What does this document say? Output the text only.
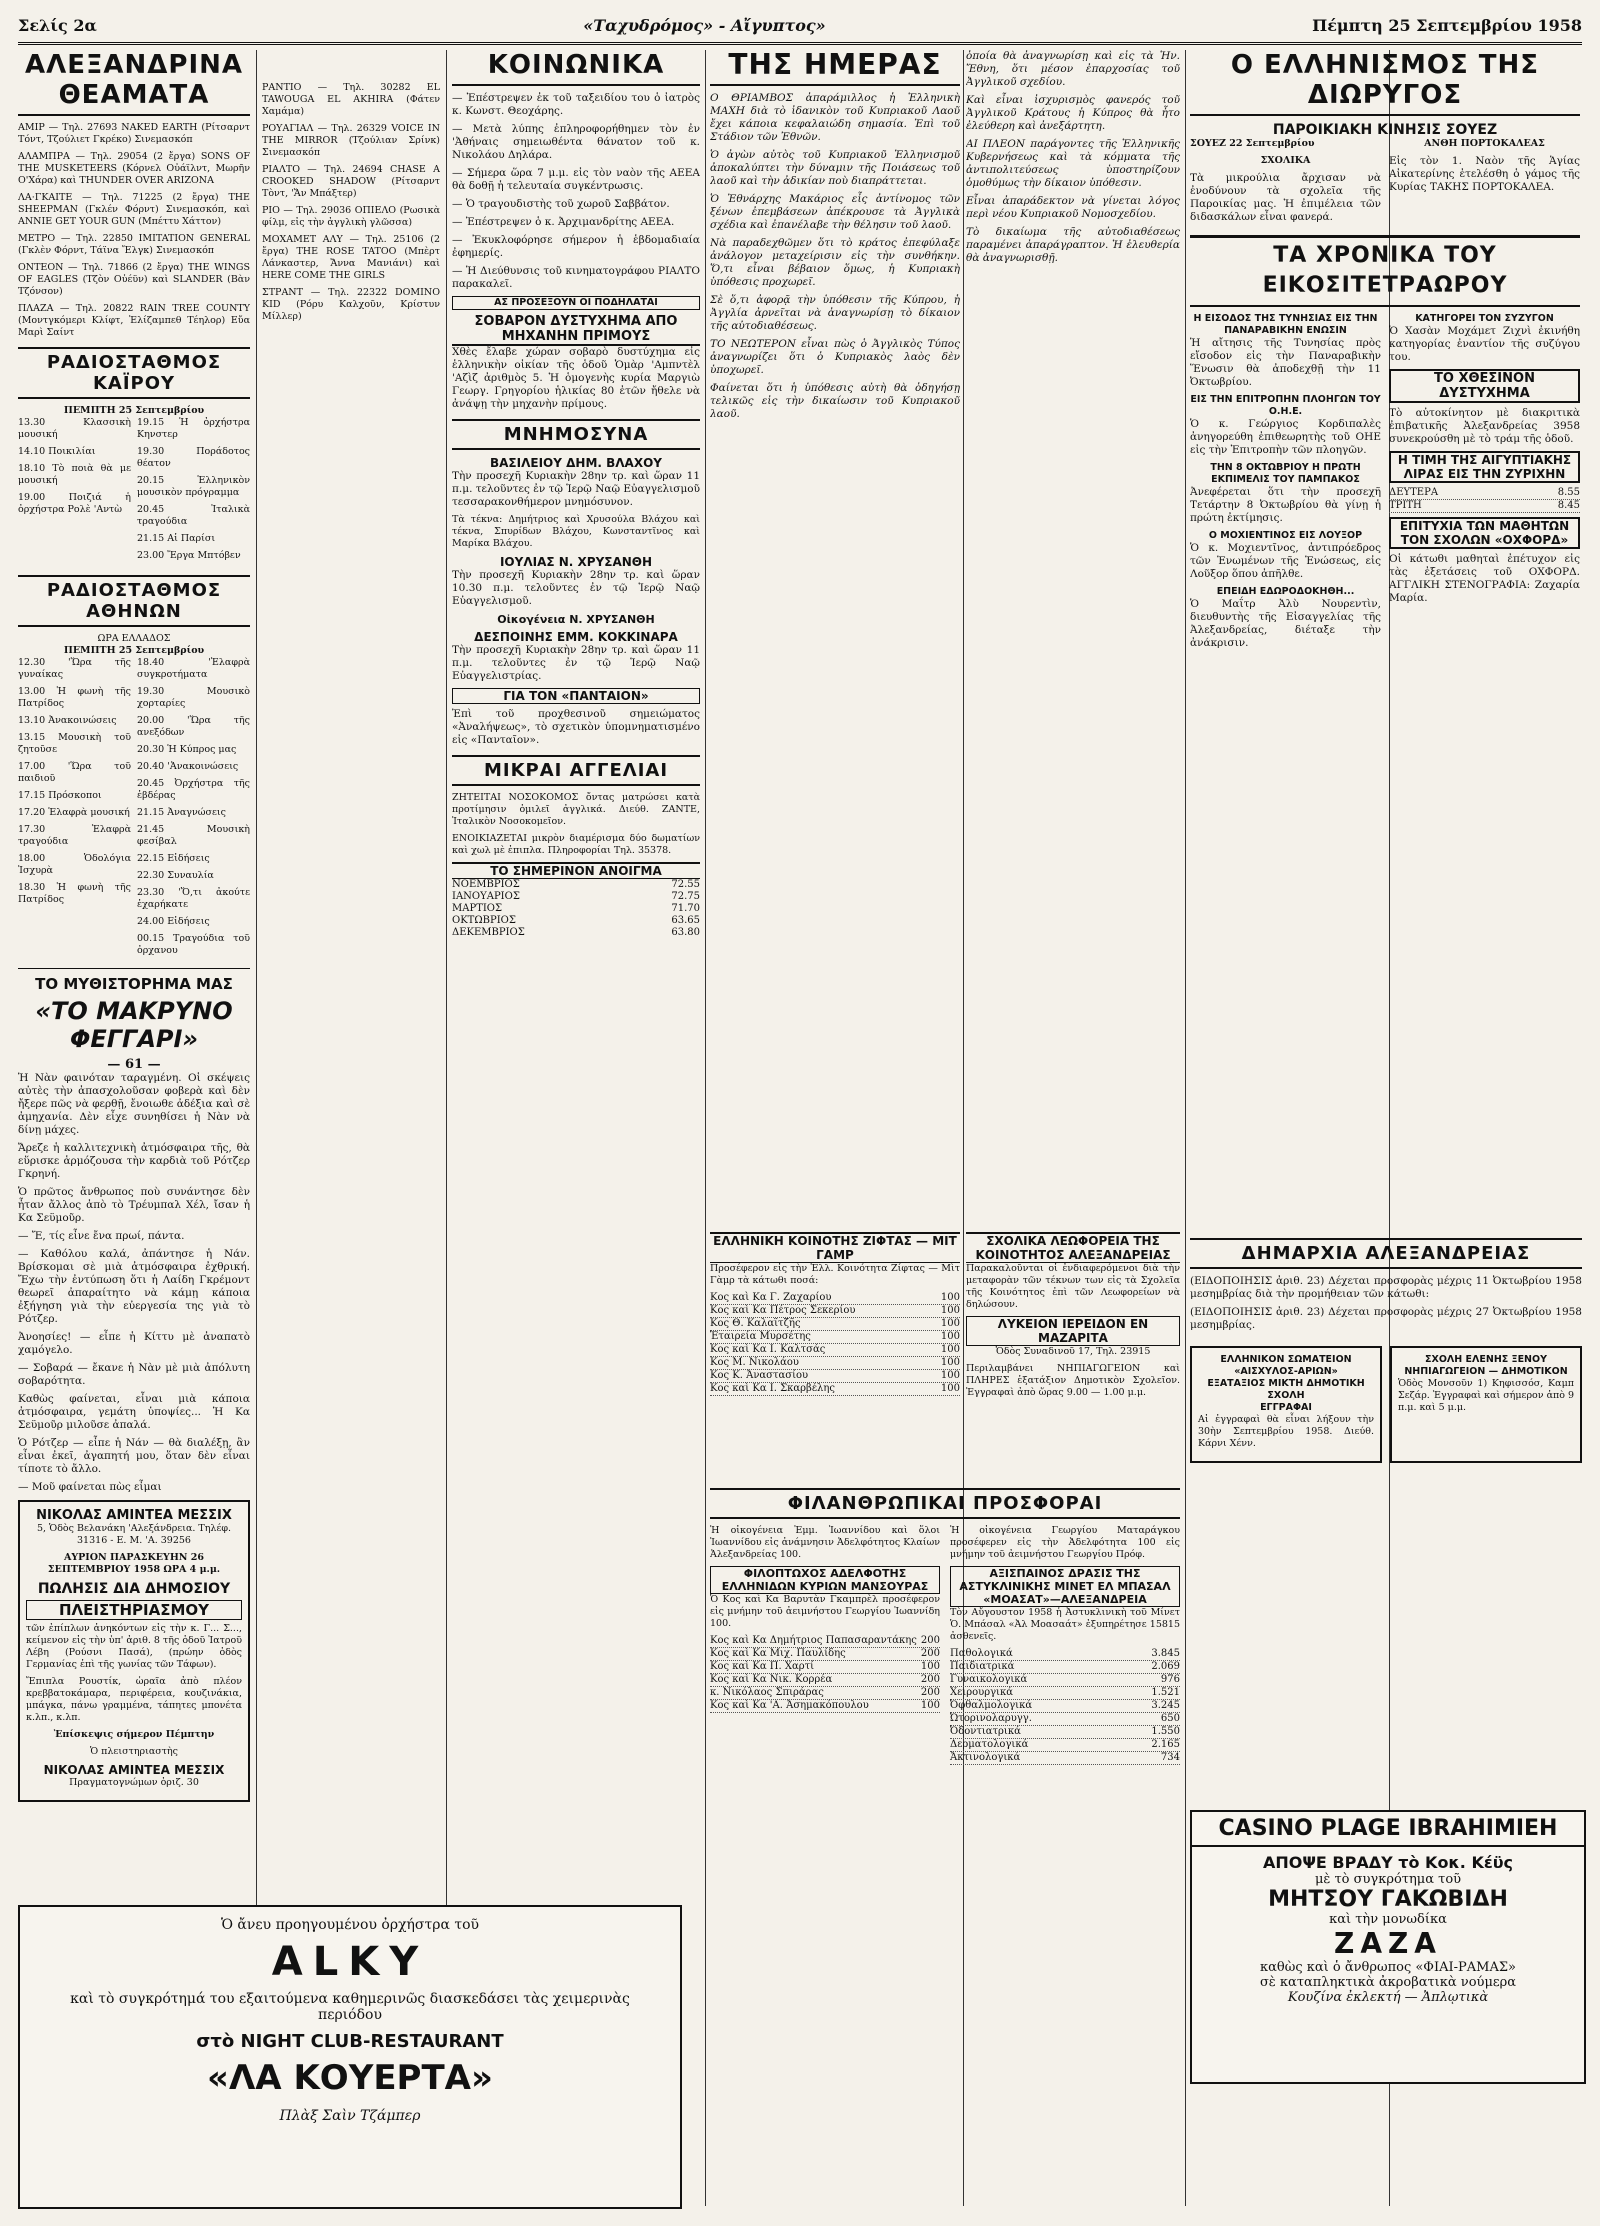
Σελίς 2α	«Ταχυδρόμος» - Αἴγυπτος»	Πέμπτη 25 Σεπτεμβρίου 1958
ΑΛΕΞΑΝΔΡΙΝΑ ΘΕΑΜΑΤΑ

ΑΜΙΡ — Τηλ. 27693 NAKED EARTH (Ρίτσαρντ Τόντ, Τζούλιετ Γκρέκο) Σινεμασκόπ

ΑΛΑΜΠΡΑ — Τηλ. 29054 (2 ἔργα) SONS OF THE MUSKETEERS (Κόρνελ Οὐάϊλντ, Μωρῆν Ο'Χάρα) καὶ THUNDER OVER ARIZONA

ΛΑ·ΓΚΑΙΤΕ — Τηλ. 71225 (2 ἔργα) THE SHEEPMAN (Γκλέν Φόρντ) Σινεμασκόπ, καὶ ANNIE GET YOUR GUN (Μπέττυ Χάττον)

ΜΕΤΡΟ — Τηλ. 22850 IMITATION GENERAL (Γκλὲν Φόρντ, Τάϊνα Ἔλγκ) Σινεμασκόπ

ΟΝΤΕΟΝ — Τηλ. 71866 (2 ἔργα) THE WINGS OF EAGLES (Τζὸν Οὐέϋν) καὶ SLANDER (Βὰν Τζόνσον)

ΠΛΑΖΑ — Τηλ. 20822 RAIN TREE COUNTY (Μοντγκόμερι Κλίφτ, Ἐλίζαμπεθ Τέηλορ) Εὔα Μαρὶ Σαίντ

ΡΑΔΙΟΣΤΑΘΜΟΣ ΚΑΪΡΟΥ
ΠΕΜΠΤΗ 25 Σεπτεμβρίου

13.30 Κλασσικὴ μουσική

14.10 Ποικιλίαι

18.10 Τὸ ποιὰ θὰ με μουσική

19.00 Ποιζιά ἡ ὀρχήστρα Ρολὲ 'Αντὼ

19.15 Ἡ ὀρχήστρα Κηνστερ

19.30 Ποράδοτος θέατον

20.15 Ἑλληνικὸν μουσικὸν πρόγραμμα

20.45 Ἰταλικὰ τραγούδια

21.15 Αἱ Παρίσι

23.00 Ἔργα Μπτόβεν

ΡΑΔΙΟΣΤΑΘΜΟΣ ΑΘΗΝΩΝ
ΩΡΑ ΕΛΛΑΔΟΣ
ΠΕΜΠΤΗ 25 Σεπτεμβρίου

12.30 'Ὥρα τῆς γυναίκας

13.00 Ἡ φωνὴ τῆς Πατρίδος

13.10 Ἀνακοινώσεις

13.15 Μουσικὴ τοῦ ζητοῦσε

17.00 'Ὥρα τοῦ παιδιοῦ

17.15 Πρόσκοποι

17.20 Ἑλαφρὰ μουσική

17.30 Ἑλαφρὰ τραγούδια

18.00 Ὁδολόγια Ἰσχυρὰ

18.30 Ἡ φωνὴ τῆς Πατρίδος

18.40 'Ἑλαφρὰ συγκροτήματα

19.30 Μουσικὸ χορταρίες

20.00 'Ὥρα τῆς ανεξόδων

20.30 Ἡ Κύπρος μας

20.40 'Ἀνακοινώσεις

20.45 Ὀρχήστρα τῆς ἐβδέρας

21.15 Ἀναγνώσεις

21.45 Μουσικὴ φεσίβαλ

22.15 Εἰδήσεις

22.30 Συναυλία

23.30 'Ὅ,τι ἀκούτε ἐχαρήκατε

24.00 Εἰδήσεις

00.15 Τραγούδια τοῦ ὀρχανου

ΤΟ ΜΥΘΙΣΤΟΡΗΜΑ ΜΑΣ
«ΤΟ ΜΑΚΡΥΝΟ ΦΕΓΓΑΡΙ»
— 61 —

Ἡ Νὰν φαινόταν ταραγμένη. Οἱ σκέψεις αὐτὲς τὴν ἀπασχολοῦσαν φοβερὰ καὶ δὲν ἤξερε πῶς νὰ φερθῇ, ἔνοιωθε ἀδέξια καὶ σὲ ἀμηχανία. Δὲν εἶχε συνηθίσει ἡ Νὰν νὰ δίνῃ μάχες.

Ἄρεζε ἡ καλλιτεχνικὴ ἀτμόσφαιρα τῆς, θὰ εὕρισκε ἁρμόζουσα τὴν καρδιὰ τοῦ Ρότζερ Γκρηνή.

Ὁ πρῶτος ἄνθρωπος ποὺ συνάντησε δὲν ἦταν ἄλλος ἀπὸ τὸ Τρέυμπαλ Χέλ, ἴσαν ἡ Κα Σεϋμοῦρ.

— Ἔ, τίς εἶνε ἔνα πρωί, πάντα.

— Καθόλου καλά, ἀπάντησε ἡ Νάν. Βρίσκομαι σὲ μιὰ ἀτμόσφαιρα ἐχθρική. Ἔχω τὴν ἐντύπωση ὅτι ἡ Λαίδη Γκρέμοντ θεωρεῖ ἀπαραίτητο νὰ κάμῃ κάποια ἐξήγηση γιὰ τὴν εὐεργεσία της γιὰ τὸ Ρότζερ.

Ἀνοησίες! — εἶπε ἡ Κίττυ μὲ ἀναπατὸ χαμόγελο.

— Σοβαρά — ἔκανε ἡ Νὰν μὲ μιὰ ἀπόλυτη σοβαρότητα.

Καθὼς φαίνεται, εἶναι μιὰ κάποια ἀτμόσφαιρα, γεμάτη ὑποψίες... Ἡ Κα Σεϋμοῦρ μιλοῦσε ἀπαλά.

Ὁ Ρότζερ — εἶπε ἡ Νάν — θὰ διαλέξῃ, ἂν εἶναι ἐκεῖ, ἀγαπητή μου, ὅταν δὲν εἶναι τίποτε τὸ ἄλλο.

— Μοῦ φαίνεται πὼς εἶμαι

ΝΙΚΟΛΑΣ ΑΜΙΝΤΕΑ ΜΕΣΣΙΧ

5, Ὁδὸς Βελανάκη 'Αλεξάνδρεια. Τηλέφ. 31316 - Ε. Μ. 'Α. 39256

ΑΥΡΙΟΝ ΠΑΡΑΣΚΕΥΗΝ 26 ΣΕΠΤΕΜΒΡΙΟΥ 1958 ΩΡΑ 4 μ.μ.

ΠΩΛΗΣΙΣ ΔΙΑ ΔΗΜΟΣΙΟΥ
ΠΛΕΙΣΤΗΡΙΑΣΜΟΥ

τῶν ἐπίπλων ἀνηκόντων εἰς τὴν κ. Γ... Σ..., κείμενον εἰς τὴν ὑπ' ἀριθ. 8 τῆς ὁδοῦ Ἰατροῦ Λέβη (Ρούσνι Πασά), (πρώην ὁδὸς Γερμανίας ἐπὶ τῆς γωνίας τῶν Τάφων).

Ἔπιπλα Ρουστίκ, ὡραῖα ἀπὸ πλέον κρεββατοκάμαρα, περιφέρεια, κουζινάκια, μπάγκα, πάνω γραμμένα, τάπητες μπονέτα κ.λπ., κ.λπ.

Ἐπίσκεψις σήμερον Πέμπτην

Ὁ πλειστηριαστὴς

ΝΙΚΟΛΑΣ ΑΜΙΝΤΕΑ ΜΕΣΣΙΧ

Πραγματογνώμων ὁριζ. 30

ΡΑΝΤΙΟ — Τηλ. 30282 EL TAWOUGA EL AKHIRA (Φάτεν Χαμάμα)

ΡΟΥΑΓΙΑΛ — Τηλ. 26329 VOICE IN THE MIRROR (Τζούλιαν Σρίνκ) Σινεμασκόπ

ΡΙΑΛΤΟ — Τηλ. 24694 CHASE A CROOKED SHADOW (Ρίτσαρντ Τὸντ, 'Ἄν Μπάξτερ)

ΡΙΟ — Τηλ. 29036 ΟΠΙΕΛΟ (Ρωσικὰ φίλμ, εἰς τὴν ἀγγλικὴ γλῶσσα)

ΜΟΧΑΜΕΤ ΑΛΥ — Τηλ. 25106 (2 ἔργα) THE ROSE TATOO (Μπὲρτ Λάνκαστερ, Ἄννα Μανιάνι) καὶ HERE COME THE GIRLS

ΣΤΡΑΝΤ — Τηλ. 22322 DOMINO KID (Ρόρυ Καλχοῦν, Κρίστυν Μίλλερ)

ΚΟΙΝΩΝΙΚΑ

— Ἐπέστρεψεν ἐκ τοῦ ταξειδίου του ὁ ἰατρὸς κ. Κωνστ. Θεοχάρης.

— Μετὰ λύπης ἐπληροφορήθημεν τὸν ἐν 'Ἀθήναις σημειωθέντα θάνατον τοῦ κ. Νικολάου Δηλάρα.

— Σήμερα ὥρα 7 μ.μ. εἰς τὸν ναὸν τῆς ΑΕΕΑ θὰ δοθῇ ἡ τελευταία συγκέντρωσις.

— Ὁ τραγουδιστὴς τοῦ χωροῦ Σαββάτον.

— Ἐπέστρεψεν ὁ κ. Ἀρχιμανδρίτης ΑΕΕΑ.

— Ἐκυκλοφόρησε σήμερον ἡ ἑβδομαδιαία ἐφημερίς.

— Ἡ Διεύθυνσις τοῦ κινηματογράφου ΡΙΑΛΤΟ παρακαλεῖ.

ΑΣ ΠΡΟΣΕΞΟΥΝ ΟΙ ΠΟΔΗΛΑΤΑΙ
ΣΟΒΑΡΟΝ ΔΥΣΤΥΧΗΜΑ ΑΠΟ ΜΗΧΑΝΗΝ ΠΡΙΜΟΥΣ

Χθὲς ἔλαβε χώραν σοβαρὸ δυστύχημα εἰς ἑλληνικὴν οἰκίαν τῆς ὁδοῦ Ὁμὰρ 'Αμπντὲλ 'Αζὶζ ἀριθμὸς 5. Ἡ ὁμογενὴς κυρία Μαργιὼ Γεωργ. Γρηγορίου ἡλικίας 80 ἐτῶν ἤθελε νὰ ἀνάψῃ τὴν μηχανὴν πρίμους.

ΜΝΗΜΟΣΥΝΑ
ΒΑΣΙΛΕΙΟΥ ΔΗΜ. ΒΛΑΧΟΥ

Τὴν προσεχῆ Κυριακὴν 28ην τρ. καὶ ὥραν 11 π.μ. τελοῦντες ἐν τῷ Ἱερῷ Ναῷ Εὐαγγελισμοῦ τεσσαρακονθήμερον μνημόσυνον.

Τὰ τέκνα: Δημήτριος καὶ Χρυσούλα Βλάχου καὶ τέκνα, Σπυρίδων Βλάχου, Κωνσταντῖνος καὶ Μαρίκα Βλάχου.

ΙΟΥΛΙΑΣ Ν. ΧΡΥΣΑΝΘΗ

Τὴν προσεχῆ Κυριακὴν 28ην τρ. καὶ ὥραν 10.30 π.μ. τελοῦντες ἐν τῷ Ἱερῷ Ναῷ Εὐαγγελισμοῦ.

Οἰκογένεια Ν. ΧΡΥΣΑΝΘΗ
ΔΕΣΠΟΙΝΗΣ ΕΜΜ. ΚΟΚΚΙΝΑΡΑ

Τὴν προσεχῆ Κυριακὴν 28ην τρ. καὶ ὥραν 11 π.μ. τελοῦντες ἐν τῷ Ἱερῷ Ναῷ Εὐαγγελιστρίας.

ΓΙΑ ΤΟΝ «ΠΑΝΤΑΙΟΝ»

Ἐπὶ τοῦ προχθεσινοῦ σημειώματος «Ἀναλήψεως», τὸ σχετικὸν ὑπομνηματισμένο εἰς «Πανταῖον».

ΜΙΚΡΑΙ ΑΓΓΕΛΙΑΙ

ΖΗΤΕΙΤΑΙ ΝΟΣΟΚΟΜΟΣ ὄντας ματρώσει κατὰ προτίμησιν ὁμιλεῖ ἀγγλικά. Διεύθ. ΖΑΝΤΕ, Ἰταλικὸν Νοσοκομεῖον.

ΕΝΟΙΚΙΑΖΕΤΑΙ μικρὸν διαμέρισμα δύο δωματίων καὶ χωλ μὲ ἐπιπλα. Πληροφορίαι Τηλ. 35378.

ΤΟ ΣΗΜΕΡΙΝΟΝ ΑΝΟΙΓΜΑ
ΝΟΕΜΒΡΙΟΣ	72.55
ΙΑΝΟΥΑΡΙΟΣ	72.75
ΜΑΡΤΙΟΣ	71.70
ΟΚΤΩΒΡΙΟΣ	63.65
ΔΕΚΕΜΒΡΙΟΣ	63.80
ΤΗΣ ΗΜΕΡΑΣ

Ο ΘΡΙΑΜΒΟΣ ἀπαράμιλλος ἡ Ἑλληνικὴ ΜΑΧΗ διὰ τὸ ἰδανικὸν τοῦ Κυπριακοῦ Λαοῦ ἔχει κάποια κεφαλαιώδη σημασία. Ἐπὶ τοῦ Στάδιον τῶν Ἐθνῶν.

Ὁ ἀγὼν αὐτὸς τοῦ Κυπριακοῦ Ἑλληνισμοῦ ἀποκαλύπτει τὴν δύναμιν τῆς Ποιάσεως τοῦ λαοῦ καὶ τὴν ἀδικίαν ποὺ διαπράττεται.

Ὁ Ἐθνάρχης Μακάριος εἶς ἀντίνομος τῶν ξένων ἐπεμβάσεων ἀπέκρουσε τὰ Ἀγγλικὰ σχέδια καὶ ἐπανέλαβε τὴν θέλησιν τοῦ λαοῦ.

Νὰ παραδεχθῶμεν ὅτι τὸ κράτος ἐπεφύλαξε ἀνάλογον μεταχείρισιν εἰς τὴν συνθήκην. Ὅ,τι εἶναι βέβαιον ὅμως, ἡ Κυπριακὴ ὑπόθεσις προχωρεῖ.

Σὲ ὅ,τι ἀφορᾷ τὴν ὑπόθεσιν τῆς Κύπρου, ἡ Ἀγγλία ἀρνεῖται νὰ ἀναγνωρίσῃ τὸ δίκαιον τῆς αὐτοδιαθέσεως.

ΤΟ ΝΕΩΤΕΡΟΝ εἶναι πὼς ὁ Ἀγγλικὸς Τύπος ἀναγνωρίζει ὅτι ὁ Κυπριακὸς λαὸς δὲν ὑποχωρεῖ.

Φαίνεται ὅτι ἡ ὑπόθεσις αὐτὴ θὰ ὁδηγήσῃ τελικῶς εἰς τὴν δικαίωσιν τοῦ Κυπριακοῦ λαοῦ.

ὁποία θὰ ἀναγνωρίσῃ καὶ εἰς τὰ Ἡν. Ἔθνη, ὅτι μέσον ἐπαρχοσίας τοῦ Ἀγγλικοῦ σχεδίου.

Καὶ εἶναι ἰσχυρισμὸς φανερός τοῦ Ἀγγλικοῦ Κράτους ἡ Κύπρος θὰ ἦτο ἐλεύθερη καὶ ἀνεξάρτητη.

ΑΙ ΠΛΕΟΝ παράγοντες τῆς Ἑλληνικῆς Κυβερνήσεως καὶ τὰ κόμματα τῆς ἀντιπολιτεύσεως ὑποστηρίζουν ὁμοθύμως τὴν δίκαιον ὑπόθεσιν.

Εἶναι ἀπαράδεκτον νὰ γίνεται λόγος περὶ νέου Κυπριακοῦ Νομοσχεδίου.

Τὸ δικαίωμα τῆς αὐτοδιαθέσεως παραμένει ἀπαράγραπτον. Ἡ ἐλευθερία θὰ ἀναγνωρισθῇ.

ΕΛΛΗΝΙΚΗ ΚΟΙΝΟΤΗΣ ΖΙΦΤΑΣ — ΜΙΤ ΓΑΜΡ

Προσέφερον εἰς τὴν Ἑλλ. Κοινότητα Ζίφτας — Μὶτ Γὰμρ τὰ κάτωθι ποσά:

Κος καὶ Κα Γ. Ζαχαρίου	100
Κος καὶ Κα Πέτρος Σεκερίου	100
Κος Θ. Καλαϊτζῆς	100
Ἑταιρεία Μυρσέτης	100
Κος καὶ Κα Ι. Καλτσάς	100
Κος Μ. Νικολάου	100
Κος Κ. Ἀναστασίου	100
Κος καὶ Κα Ι. Σκαρβέλης	100
ΣΧΟΛΙΚΑ ΛΕΩΦΟΡΕΙΑ ΤΗΣ ΚΟΙΝΟΤΗΤΟΣ ΑΛΕΞΑΝΔΡΕΙΑΣ

Παρακαλοῦνται οἱ ἐνδιαφερόμενοι διὰ τὴν μεταφορὰν τῶν τέκνων των εἰς τὰ Σχολεῖα τῆς Κοινότητος ἐπὶ τῶν Λεωφορείων νὰ δηλώσουν.

ΛΥΚΕΙΟΝ ΙΕΡΕΙΔΟΝ ΕΝ ΜΑΖΑΡΙΤΑ

Ὁδὸς Συναδινοῦ 17, Τηλ. 23915

Περιλαμβάνει ΝΗΠΙΑΓΩΓΕΙΟΝ καὶ ΠΛΗΡΕΣ ἑξατάξιον Δημοτικὸν Σχολεῖον. Ἐγγραφαὶ ἀπὸ ὥρας 9.00 — 1.00 μ.μ.

ΦΙΛΑΝΘΡΩΠΙΚΑΙ ΠΡΟΣΦΟΡΑΙ

Ἡ οἰκογένεια Ἐμμ. Ἰωαννίδου καὶ ὅλοι Ἰωαννίδου εἰς ἀνάμνησιν Ἀδελφότητος Κλαίων Ἀλεξανδρείας 100.

Ἡ οἰκογένεια Γεωργίου Ματαράγκου προσέφερεν εἰς τὴν Ἀδελφότητα 100 εἰς μνήμην τοῦ ἀειμνήστου Γεωργίου Πρόφ.

ΦΙΛΟΠΤΩΧΟΣ ΑΔΕΛΦΟΤΗΣ ΕΛΛΗΝΙΔΩΝ ΚΥΡΙΩΝ ΜΑΝΣΟΥΡΑΣ

Ὁ Κος καὶ Κα Βαρυτὰν Γκαμπρὲλ προσέφερον εἰς μνήμην τοῦ ἀειμνήστου Γεωργίου Ἰωαννίδη 100.

Κος καὶ Κα Δημήτριος Παπασαραντάκης 200
Κος καὶ Κα Μιχ. Παυλίδης	200
Κος καὶ Κα Π. Χαρτί	100
Κος καὶ Κα Νικ. Κορρέα	200
κ. Νικόλαος Σπιράρας	200
Κος καὶ Κα 'Α. Ἀσημακόπουλου	100
ΑΞΙΣΠΑΙΝΟΣ ΔΡΑΣΙΣ ΤΗΣ ΑΣΤΥΚΛΙΝΙΚΗΣ ΜΙΝΕΤ ΕΛ ΜΠΑΣΑΛ «ΜΟΑΣΑΤ»—ΑΛΕΞΑΝΔΡΕΙΑ

Τὸν Αὔγουστον 1958 ἡ Ἀστυκλινικὴ τοῦ Μίνετ Ὁ. Μπάσαλ «Ἀλ Μοασαάτ» ἐξυπηρέτησε 15815 ἀσθενεῖς.

Παθολογικά	3.845
Παιδιατρικά	2.069
Γυναικολογικά	976
Χειρουργικά	1.521
Ὀφθαλμολογικά	3.245
Ὠτορινολαρυγγ.	650
Ὀδοντιατρικά	1.550
Δερματολογικά	2.165
Ἀκτινολογικά	734
Ο ΕΛΛΗΝΙΣΜΟΣ ΤΗΣ ΔΙΩΡΥΓΟΣ
ΠΑΡΟΙΚΙΑΚΗ ΚΙΝΗΣΙΣ ΣΟΥΕΖ

ΣΟΥΕΖ 22 Σεπτεμβρίου

ΣΧΟΛΙΚΑ

Τὰ μικρούλια ἄρχισαν νὰ ἐνοδύνουν τὰ σχολεῖα τῆς Παροικίας μας. Ἡ ἐπιμέλεια τῶν διδασκάλων εἶναι φανερά.

ΑΝΘΗ ΠΟΡΤΟΚΑΛΕΑΣ

Εἰς τὸν 1. Ναὸν τῆς Ἁγίας Αἰκατερίνης ἐτελέσθη ὁ γάμος τῆς Κυρίας ΤΑΚΗΣ ΠΟΡΤΟΚΑΛΕΑ.

ΤΑ ΧΡΟΝΙΚΑ ΤΟΥ ΕΙΚΟΣΙΤΕΤΡΑΩΡΟΥ
Η ΕΙΣΟΔΟΣ ΤΗΣ ΤΥΝΗΣΙΑΣ ΕΙΣ ΤΗΝ ΠΑΝΑΡΑΒΙΚΗΝ ΕΝΩΣΙΝ

Ἡ αἴτησις τῆς Τυνησίας πρὸς εἴσοδον εἰς τὴν Παναραβικὴν Ἕνωσιν θὰ ἀποδεχθῇ τὴν 11 Ὀκτωβρίου.

ΕΙΣ ΤΗΝ ΕΠΙΤΡΟΠΗΝ ΠΛΟΗΓΩΝ ΤΟΥ Ο.Η.Ε.

Ὁ κ. Γεώργιος Κορδιπαλὲς ἀνηγορεύθη ἐπιθεωρητὴς τοῦ ΟΗΕ εἰς τὴν Ἐπιτροπὴν τῶν πλοηγῶν.

ΤΗΝ 8 ΟΚΤΩΒΡΙΟΥ Η ΠΡΩΤΗ ΕΚΠΙΜΕΛΙΣ ΤΟΥ ΠΑΜΠΑΚΟΣ

Ἀνεφέρεται ὅτι τὴν προσεχῆ Τετάρτην 8 Ὀκτωβρίου θὰ γίνῃ ἡ πρώτη ἐκτίμησις.

Ο ΜΟΧΙΕΝΤΙΝΟΣ ΕΙΣ ΛΟΥΞΟΡ

Ὁ κ. Μοχιεντῖνος, ἀντιπρόεδρος τῶν Ἑνωμένων τῆς Ἑνώσεως, εἰς Λοῦξορ ὅπου ἀπῆλθε.

ΕΠΕΙΔΗ ΕΔΩΡΟΔΟΚΗΘΗ...

Ὁ Μαΐτρ Ἀλὺ Νουρεντὶν, διευθυντὴς τῆς Εἰσαγγελίας τῆς Ἀλεξανδρείας, διέταξε τὴν ἀνάκρισιν.

ΚΑΤΗΓΟΡΕΙ ΤΟΝ ΣΥΖΥΓΟΝ

Ὁ Χασὰν Μοχάμετ Ζιχνὶ ἐκινήθη κατηγορίας ἐναντίον τῆς συζύγου του.

ΤΟ ΧΘΕΣΙΝΟΝ ΔΥΣΤΥΧΗΜΑ

Τὸ αὐτοκίνητον μὲ διακριτικὰ ἐπιβατικῆς Ἀλεξανδρείας 3958 συνεκρούσθη μὲ τὸ τράμ τῆς ὁδοῦ.

Η ΤΙΜΗ ΤΗΣ ΑΙΓΥΠΤΙΑΚΗΣ ΛΙΡΑΣ ΕΙΣ ΤΗΝ ΖΥΡΙΧΗΝ
ΔΕΥΤΕΡΑ	8.55
ΤΡΙΤΗ	8.45
ΕΠΙΤΥΧΙΑ ΤΩΝ ΜΑΘΗΤΩΝ ΤΟΝ ΣΧΟΛΩΝ «ΟΧΦΟΡΔ»

Οἱ κάτωθι μαθηταὶ ἐπέτυχον εἰς τὰς ἐξετάσεις τοῦ ΟΧΦΟΡΔ. ΑΓΓΛΙΚΗ ΣΤΕΝΟΓΡΑΦΙΑ: Ζαχαρία Μαρία.

ΔΗΜΑΡΧΙΑ ΑΛΕΞΑΝΔΡΕΙΑΣ

(ΕΙΔΟΠΟΙΗΣΙΣ ἀριθ. 23) Δέχεται προσφορὰς μέχρις 11 Ὀκτωβρίου 1958 μεσημβρίας διὰ τὴν προμήθειαν τῶν κάτωθι:

(ΕΙΔΟΠΟΙΗΣΙΣ ἀριθ. 23) Δέχεται προσφορὰς μέχρις 27 Ὀκτωβρίου 1958 μεσημβρίας.

ΕΛΛΗΝΙΚΟΝ ΣΩΜΑΤΕΙΟΝ «ΑΙΣΧΥΛΟΣ-ΑΡΙΩΝ»
ΕΞΑΤΑΞΙΟΣ ΜΙΚΤΗ ΔΗΜΟΤΙΚΗ ΣΧΟΛΗ
ΕΓΓΡΑΦΑΙ

Αἱ ἐγγραφαὶ θὰ εἶναι λήξουν τὴν 30ὴν Σεπτεμβρίου 1958. Διεύθ. Κάρνι Χένν.

ΣΧΟΛΗ ΕΛΕΝΗΣ ΞΕΝΟΥ
ΝΗΠΙΑΓΩΓΕΙΟΝ — ΔΗΜΟΤΙΚΟΝ

Ὁδὸς Μονσοῦν 1) Κηφισσόσ, Καμπ Σεζάρ. Ἐγγραφαὶ καὶ σήμερον ἀπὸ 9 π.μ. καὶ 5 μ.μ.

Ὁ ἄνευ προηγουμένου ὀρχήστρα τοῦ
ALKY
καὶ τὸ συγκρότημά του εξαιτούμενα καθημερινῶς διασκεδάσει τὰς χειμερινὰς περιόδου
στὸ NIGHT CLUB-RESTAURANT
«ΛΑ ΚΟΥΕΡΤΑ»
Πλὰξ Σαὶν Τζάμπερ
CASINO PLAGE IBRAHIMIEH
ΑΠΟΨΕ ΒΡΑΔΥ τὸ Κοκ. Κέϋς
μὲ τὸ συγκρότημα τοῦ
ΜΗΤΣΟΥ ΓΑΚΩΒΙΔΗ
καὶ τὴν μονωδίκα
ΖΑΖΑ
καθὼς καὶ ὁ ἄνθρωπος «ΦΙΑΙ-ΡΑΜΑΣ»
σὲ καταπληκτικὰ ἀκροβατικὰ νούμερα
Κουζίνα ἐκλεκτή — Ἀπλῳτικὰ
